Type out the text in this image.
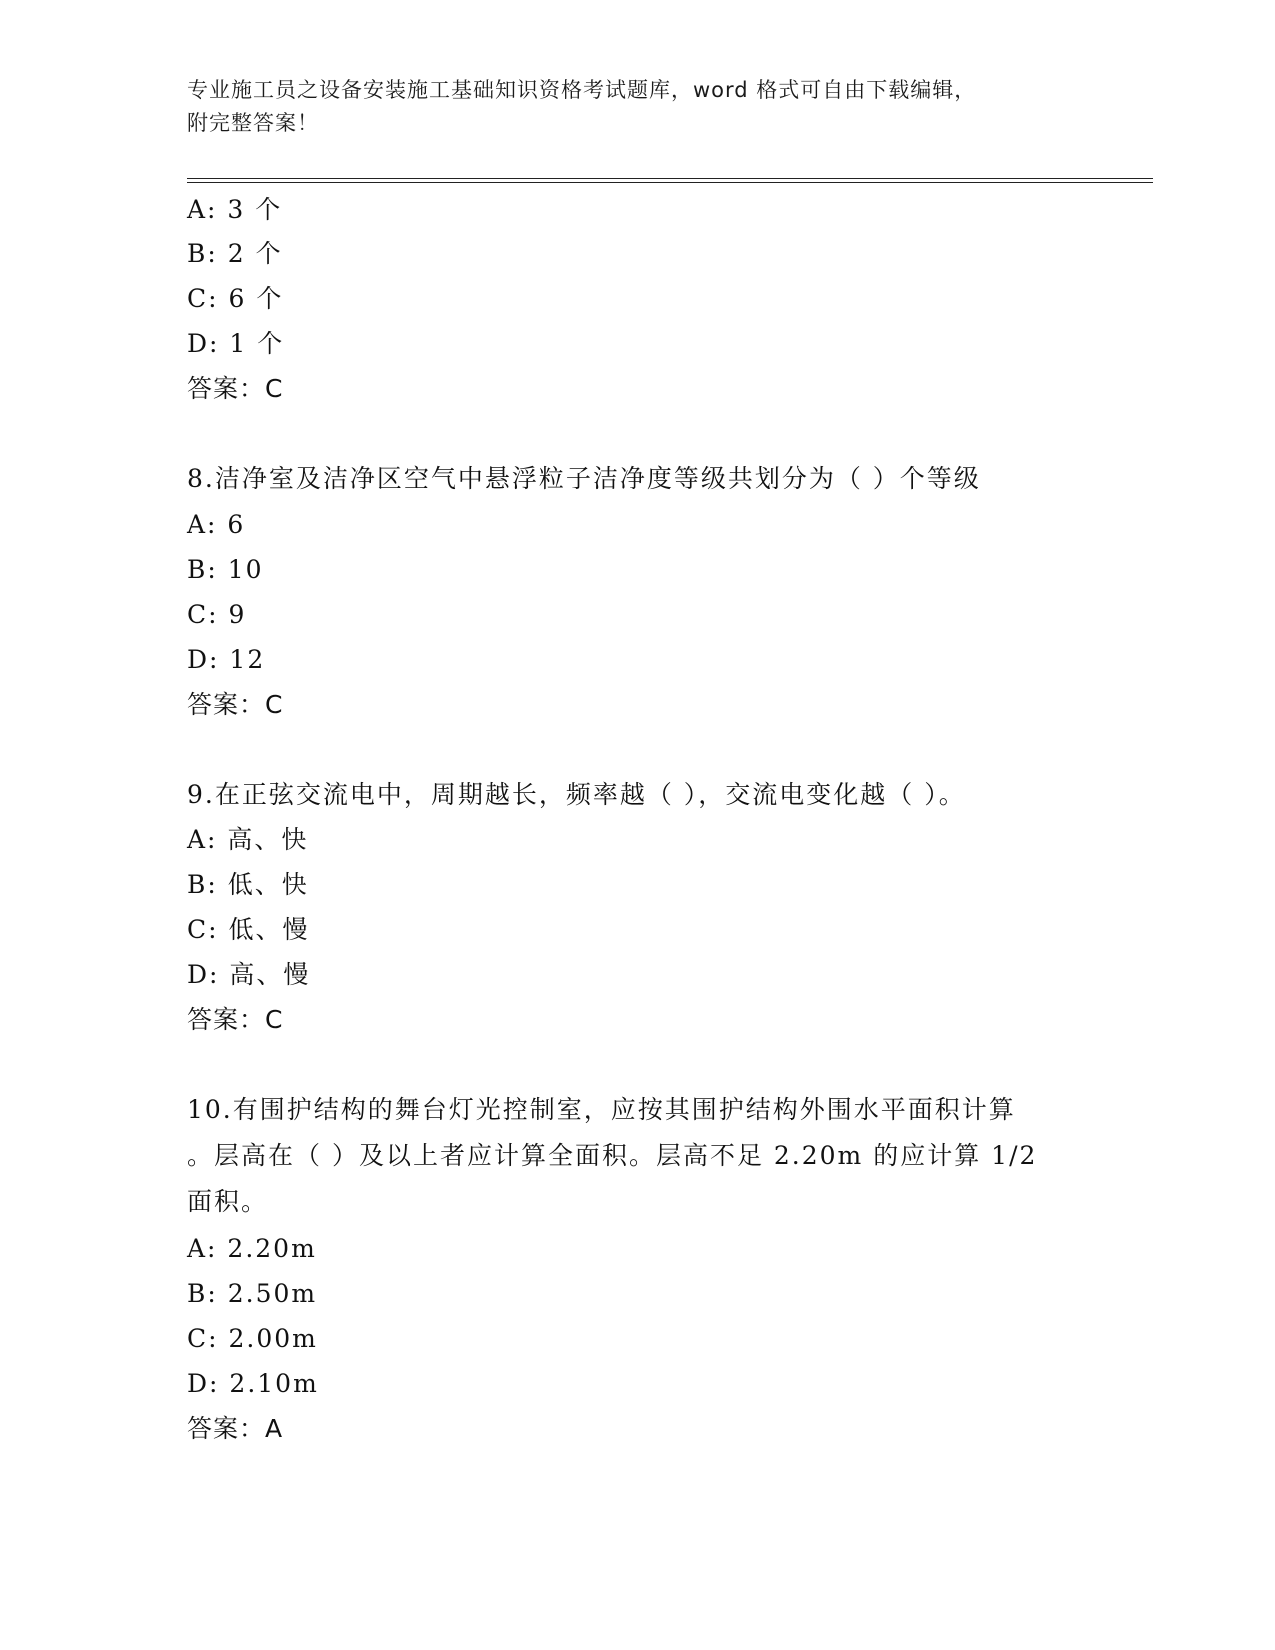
专业施工员之设备安装施工基础知识资格考试题库，word 格式可自由下载编辑，
附完整答案！
A: 3 个
B: 2 个
C: 6 个
D: 1 个
答案：C
8.洁净室及洁净区空气中悬浮粒子洁净度等级共划分为（ ）个等级
A: 6
B: 10
C: 9
D: 12
答案：C
9.在正弦交流电中，周期越长，频率越（ ），交流电变化越（ ）。
A: 高、快
B: 低、快
C: 低、慢
D: 高、慢
答案：C
10.有围护结构的舞台灯光控制室，应按其围护结构外围水平面积计算
。层高在（ ）及以上者应计算全面积。层高不足 2.20m 的应计算 1/2
面积。
A: 2.20m
B: 2.50m
C: 2.00m
D: 2.10m
答案：A
